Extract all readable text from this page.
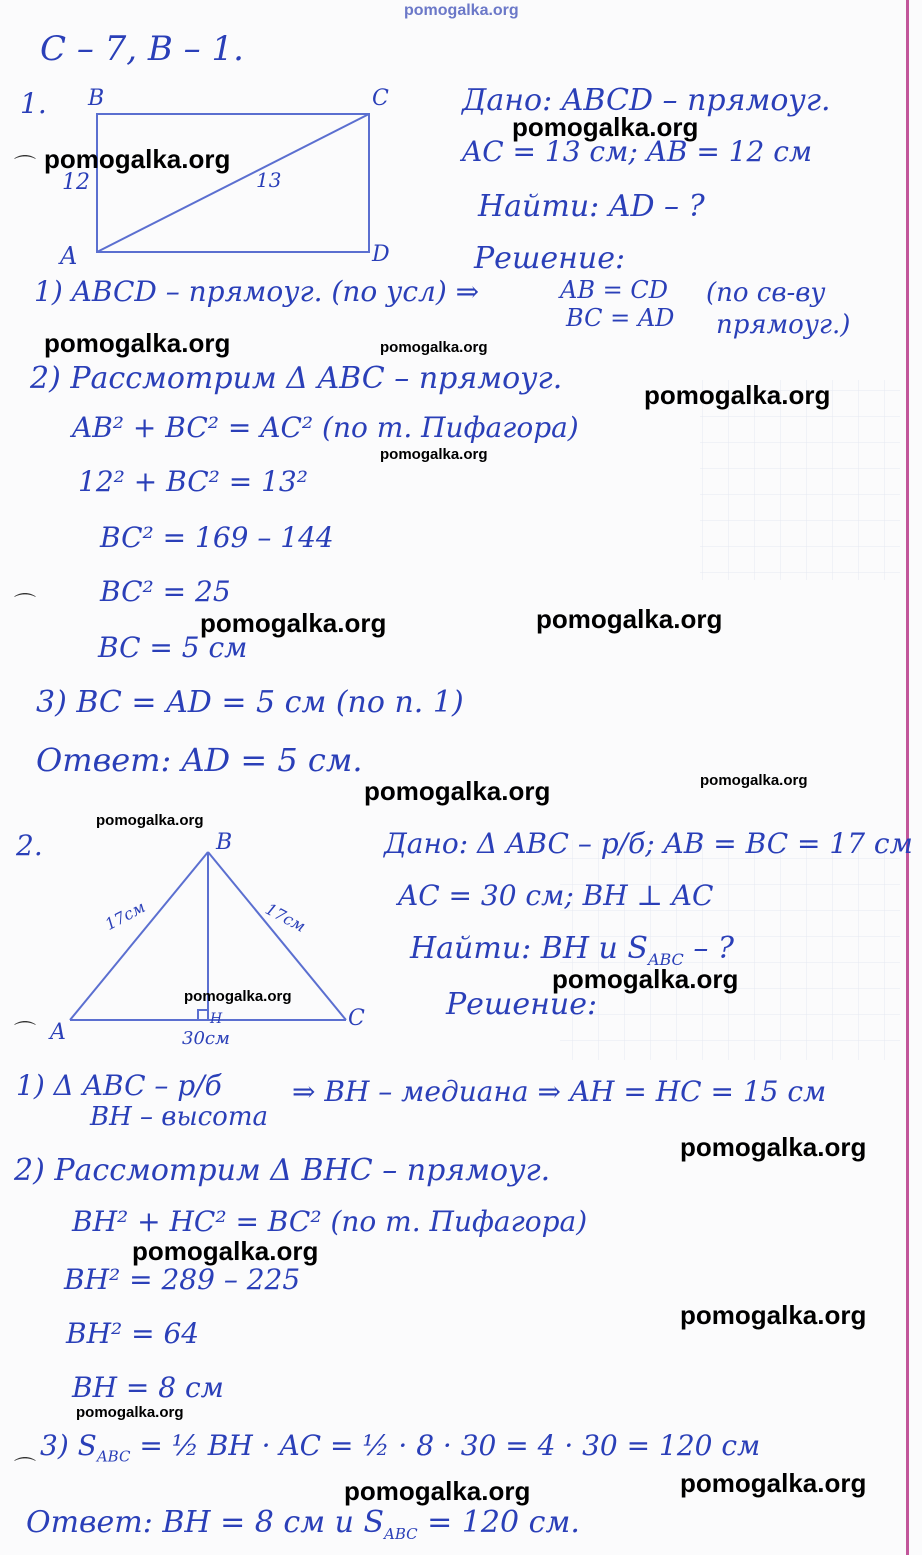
pomogalka.org
С – 7, В – 1.
1. B	C
A	D
12	13
Дано: ABCD – прямоуг.
AC = 13 см; AB = 12 см
Найти: AD – ?
Решение:
1) ABCD – прямоуг. (по усл) ⇒	AB = CD
BC = AD
(по св-ву
прямоуг.)
2) Рассмотрим Δ ABC – прямоуг.
AB² + BC² = AC² (по т. Пифагора)
12² + BC² = 13²
BC² = 169 – 144
BC² = 25
BC = 5 см
3) BC = AD = 5 см (по п. 1)
Ответ: AD = 5 см.
2.	B
A
C
H
17см	17см
30см
Дано: Δ ABC – р/б; AB = BC = 17 см
AC = 30 см; BH ⊥ AC
Найти: BH и $S_{ABC}$ – ?
Решение:
1) Δ ABC – р/б
BH – высота
⇒ BH – медиана ⇒ AH = HC = 15 см
2) Рассмотрим Δ BHC – прямоуг.
BH² + HC² = BC² (по т. Пифагора)
BH² = 289 – 225
BH² = 64
BH = 8 см
3) $S_{ABC}$ = ½ BH · AC = ½ · 8 · 30 = 4 · 30 = 120 см
Ответ: BH = 8 см и $S_{ABC} = 120$ см.
⌒
⌒
⌒
⌒
pomogalka.org
pomogalka.org
pomogalka.org	pomogalka.org
pomogalka.org
pomogalka.org
pomogalka.org
pomogalka.org
pomogalka.org	pomogalka.org
pomogalka.org
pomogalka.org
pomogalka.org
pomogalka.org
pomogalka.org
pomogalka.org
pomogalka.org
pomogalka.org
pomogalka.org
